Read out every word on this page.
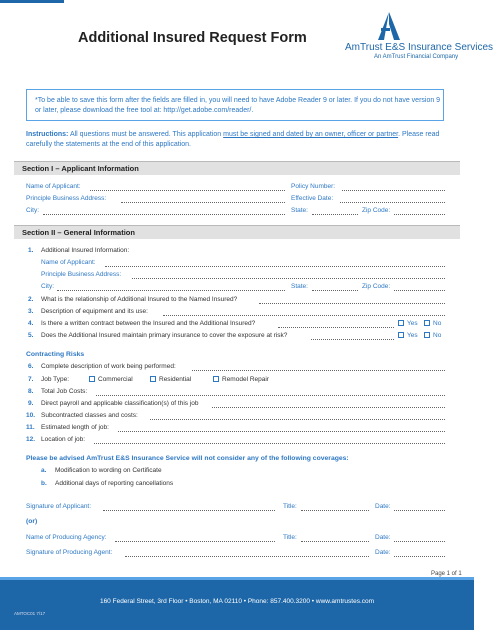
Additional Insured Request Form
AmTrust E&S Insurance Services
An AmTrust Financial Company
*To be able to save this form after the fields are filled in, you will need to have Adobe Reader 9 or later. If you do not have version 9 or later, please download the free tool at: http://get.adobe.com/reader/.
Instructions: All questions must be answered. This application must be signed and dated by an owner, officer or partner. Please read carefully the statements at the end of this application.
Section I – Applicant Information
Name of Applicant:	Policy Number:
Principle Business Address:	Effective Date:
City:	State:	Zip Code:
Section II – General Information
1. Additional Insured Information:
Name of Applicant:
Principle Business Address:
City:	State:	Zip Code:
2. What is the relationship of Additional Insured to the Named Insured?
3. Description of equipment and its use:
4. Is there a written contract between the Insured and the Additional Insured?	Yes No
5. Does the Additional Insured maintain primary insurance to cover the exposure at risk?	Yes No
Contracting Risks
6. Complete description of work being performed:
7. Job Type:	Commercial	Residential	Remodel Repair
8. Total Job Costs:
9. Direct payroll and applicable classification(s) of this job
10. Subcontracted classes and costs:
11. Estimated length of job:
12. Location of job:
Please be advised AmTrust E&S Insurance Service will not consider any of the following coverages:
a. Modification to wording on Certificate
b. Additional days of reporting cancellations
Signature of Applicant:	Title:	Date:
(or)
Name of Producing Agency:	Title:	Date:
Signature of Producing Agent:	Date:
Page 1 of 1
160 Federal Street, 3rd Floor • Boston, MA 02110 • Phone: 857.400.3200 • www.amtrustes.com
AMTOC01 7/17
